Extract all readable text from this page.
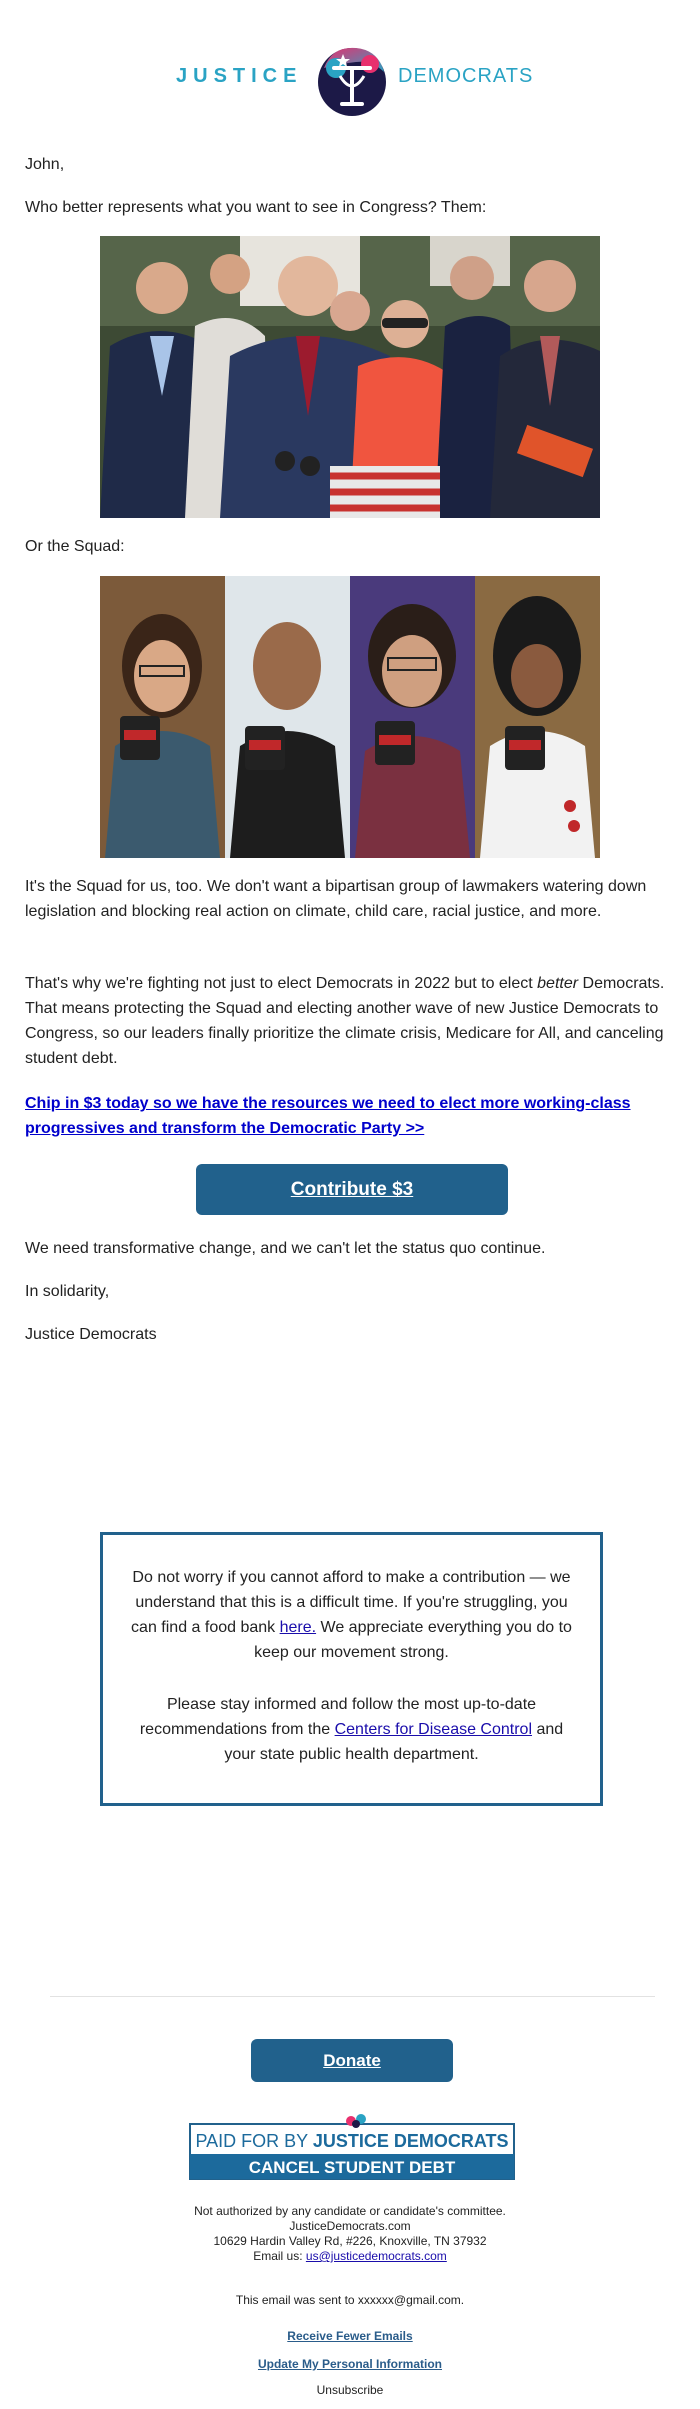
JUSTICE	DEMOCRATS
John,
Who better represents what you want to see in Congress? Them:
Or the Squad:
It's the Squad for us, too. We don't want a bipartisan group of lawmakers watering down legislation and blocking real action on climate, child care, racial justice, and more.
That's why we're fighting not just to elect Democrats in 2022 but to elect better Democrats. That means protecting the Squad and electing another wave of new Justice Democrats to Congress, so our leaders finally prioritize the climate crisis, Medicare for All, and canceling student debt.
Chip in $3 today so we have the resources we need to elect more working-class progressives and transform the Democratic Party >>
Contribute $3
We need transformative change, and we can't let the status quo continue.
In solidarity,
Justice Democrats

Do not worry if you cannot afford to make a contribution — we understand that this is a difficult time. If you're struggling, you can find a food bank here. We appreciate everything you do to keep our movement strong.

Please stay informed and follow the most up-to-date recommendations from the Centers for Disease Control and your state public health department.

Donate
PAID FOR BY JUSTICE DEMOCRATS
CANCEL STUDENT DEBT
Not authorized by any candidate or candidate's committee.
JusticeDemocrats.com
10629 Hardin Valley Rd, #226, Knoxville, TN 37932
Email us: us@justicedemocrats.com
This email was sent to xxxxxx@gmail.com.
Receive Fewer Emails
Update My Personal Information
Unsubscribe
